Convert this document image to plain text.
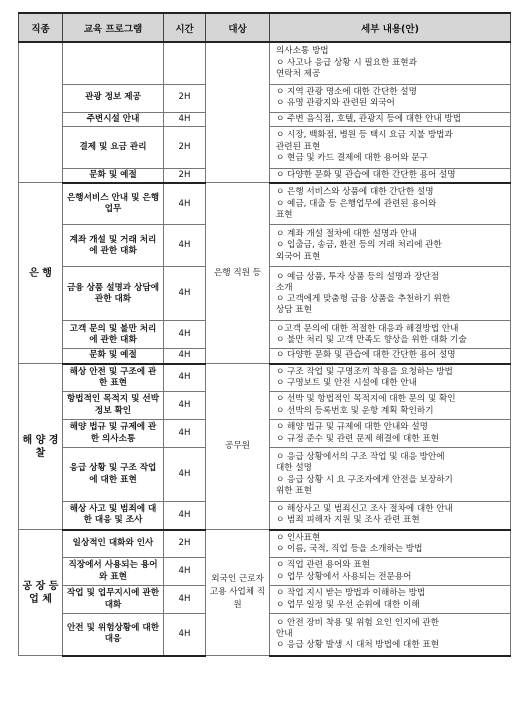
직종	교육 프로그램	시간	대상	세부 내용(안)

				의사소통 방법
ㅇ 사고나 응급 상황 시 필요한 표현과
연락처 제공

	관광 정보 제공	2H		ㅇ 지역 관광 명소에 대한 간단한 설명
ㅇ 유명 관광지와 관련된 외국어

	주변시설 안내	4H		ㅇ 주변 음식점, 호텔, 관광지 등에 대한 안내 방법

	결제 및 요금 관리	2H		ㅇ 시장, 백화점, 병원 등 택시 요금 지불 방법과
관련된 표현
ㅇ 현금 및 카드 결제에 대한 용어와 문구

	문화 및 예절	2H		ㅇ 다양한 문화 및 관습에 대한 간단한 용어 설명

은 행	은행서비스 안내 및 은행 업무	4H	은행 직원 등	ㅇ 은행 서비스와 상품에 대한 간단한 설명
ㅇ 예금, 대출 등 은행업무에 관련된 용어와
표현

	계좌 개설 및 거래 처리에 관한 대화	4H		ㅇ 계좌 개설 절차에 대한 설명과 안내
ㅇ 입출금, 송금, 환전 등의 거래 처리에 관한
외국어 표현

	금융 상품 설명과 상담에 관한 대화	4H		ㅇ 예금 상품, 투자 상품 등의 설명과 장단점
소개
ㅇ 고객에게 맞춤형 금융 상품을 추천하기 위한
상담 표현

	고객 문의 및 불만 처리에 관한 대화	4H		ㅇ고객 문의에 대한 적절한 대응과 해결방법 안내
ㅇ 불만 처리 및 고객 만족도 향상을 위한 대화 기술

	문화 및 예절	4H		ㅇ 다양한 문화 및 관습에 대한 간단한 용어 설명

해 양 경 찰	해상 안전 및 구조에 관한 표현	4H	공무원	ㅇ 구조 작업 및 구명조끼 착용을 요청하는 방법
ㅇ 구명보트 및 안전 시설에 대한 안내

	항법적인 목적지 및 선박정보 확인	4H		ㅇ 선박 및 항법적인 목적지에 대한 문의 및 확인
ㅇ 선박의 등록번호 및 운항 계획 확인하기

	해양 법규 및 규제에 관한 의사소통	4H		ㅇ 해양 법규 및 규제에 대한 안내와 설명
ㅇ 규정 준수 및 관련 문제 해결에 대한 표현

	응급 상황 및 구조 작업에 대한 표현	4H		ㅇ 응급 상황에서의 구조 작업 및 대응 방안에
대한 설명
ㅇ 응급 상황 시 요 구조자에게 안전을 보장하기
위한 표현

	해상 사고 및 범죄에 대한 대응 및 조사	4H		ㅇ 해상사고 및 범죄신고 조사 절차에 대한 안내
ㅇ 범죄 피해자 지원 및 조사 관련 표현

공 장 등 업 체	일상적인 대화와 인사	2H	외국인 근로자 고용 사업체 직원	ㅇ 인사표현
ㅇ 이름, 국적, 직업 등을 소개하는 방법

	직장에서 사용되는 용어와 표현	4H		ㅇ 직업 관련 용어와 표현
ㅇ 업무 상황에서 사용되는 전문용어

	작업 및 업무지시에 관한 대화	4H		ㅇ 작업 지시 받는 방법과 이해하는 방법
ㅇ 업무 일정 및 우선 순위에 대한 이해

	안전 및 위험상황에 대한 대응	4H		ㅇ 안전 장비 착용 및 위험 요인 인지에 관한
안내
ㅇ 응급 상황 발생 시 대처 방법에 대한 표현
